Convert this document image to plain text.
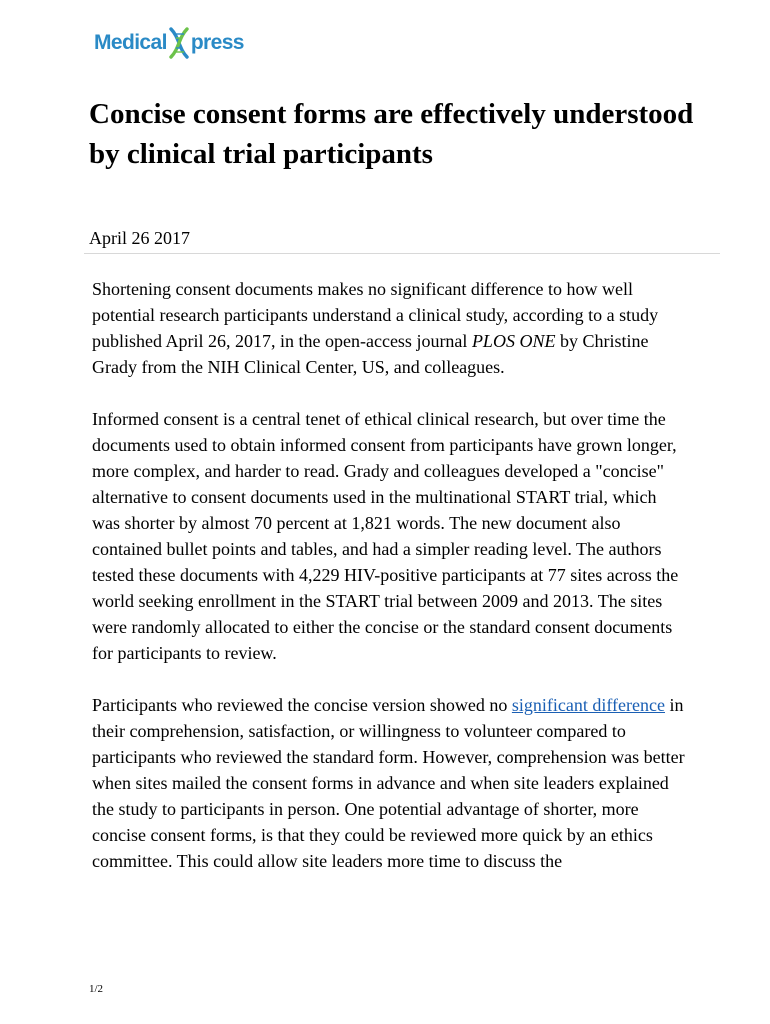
Medical press
Concise consent forms are effectively understood by clinical trial participants

April 26 2017

Shortening consent documents makes no significant difference to how well potential research participants understand a clinical study, according to a study published April 26, 2017, in the open-access journal PLOS ONE by Christine Grady from the NIH Clinical Center, US, and colleagues.

Informed consent is a central tenet of ethical clinical research, but over time the documents used to obtain informed consent from participants have grown longer, more complex, and harder to read. Grady and colleagues developed a "concise" alternative to consent documents used in the multinational START trial, which was shorter by almost 70 percent at 1,821 words. The new document also contained bullet points and tables, and had a simpler reading level. The authors tested these documents with 4,229 HIV-positive participants at 77 sites across the world seeking enrollment in the START trial between 2009 and 2013. The sites were randomly allocated to either the concise or the standard consent documents for participants to review.

Participants who reviewed the concise version showed no significant difference in their comprehension, satisfaction, or willingness to volunteer compared to participants who reviewed the standard form. However, comprehension was better when sites mailed the consent forms in advance and when site leaders explained the study to participants in person. One potential advantage of shorter, more concise consent forms, is that they could be reviewed more quick by an ethics committee. This could allow site leaders more time to discuss the

1/2
